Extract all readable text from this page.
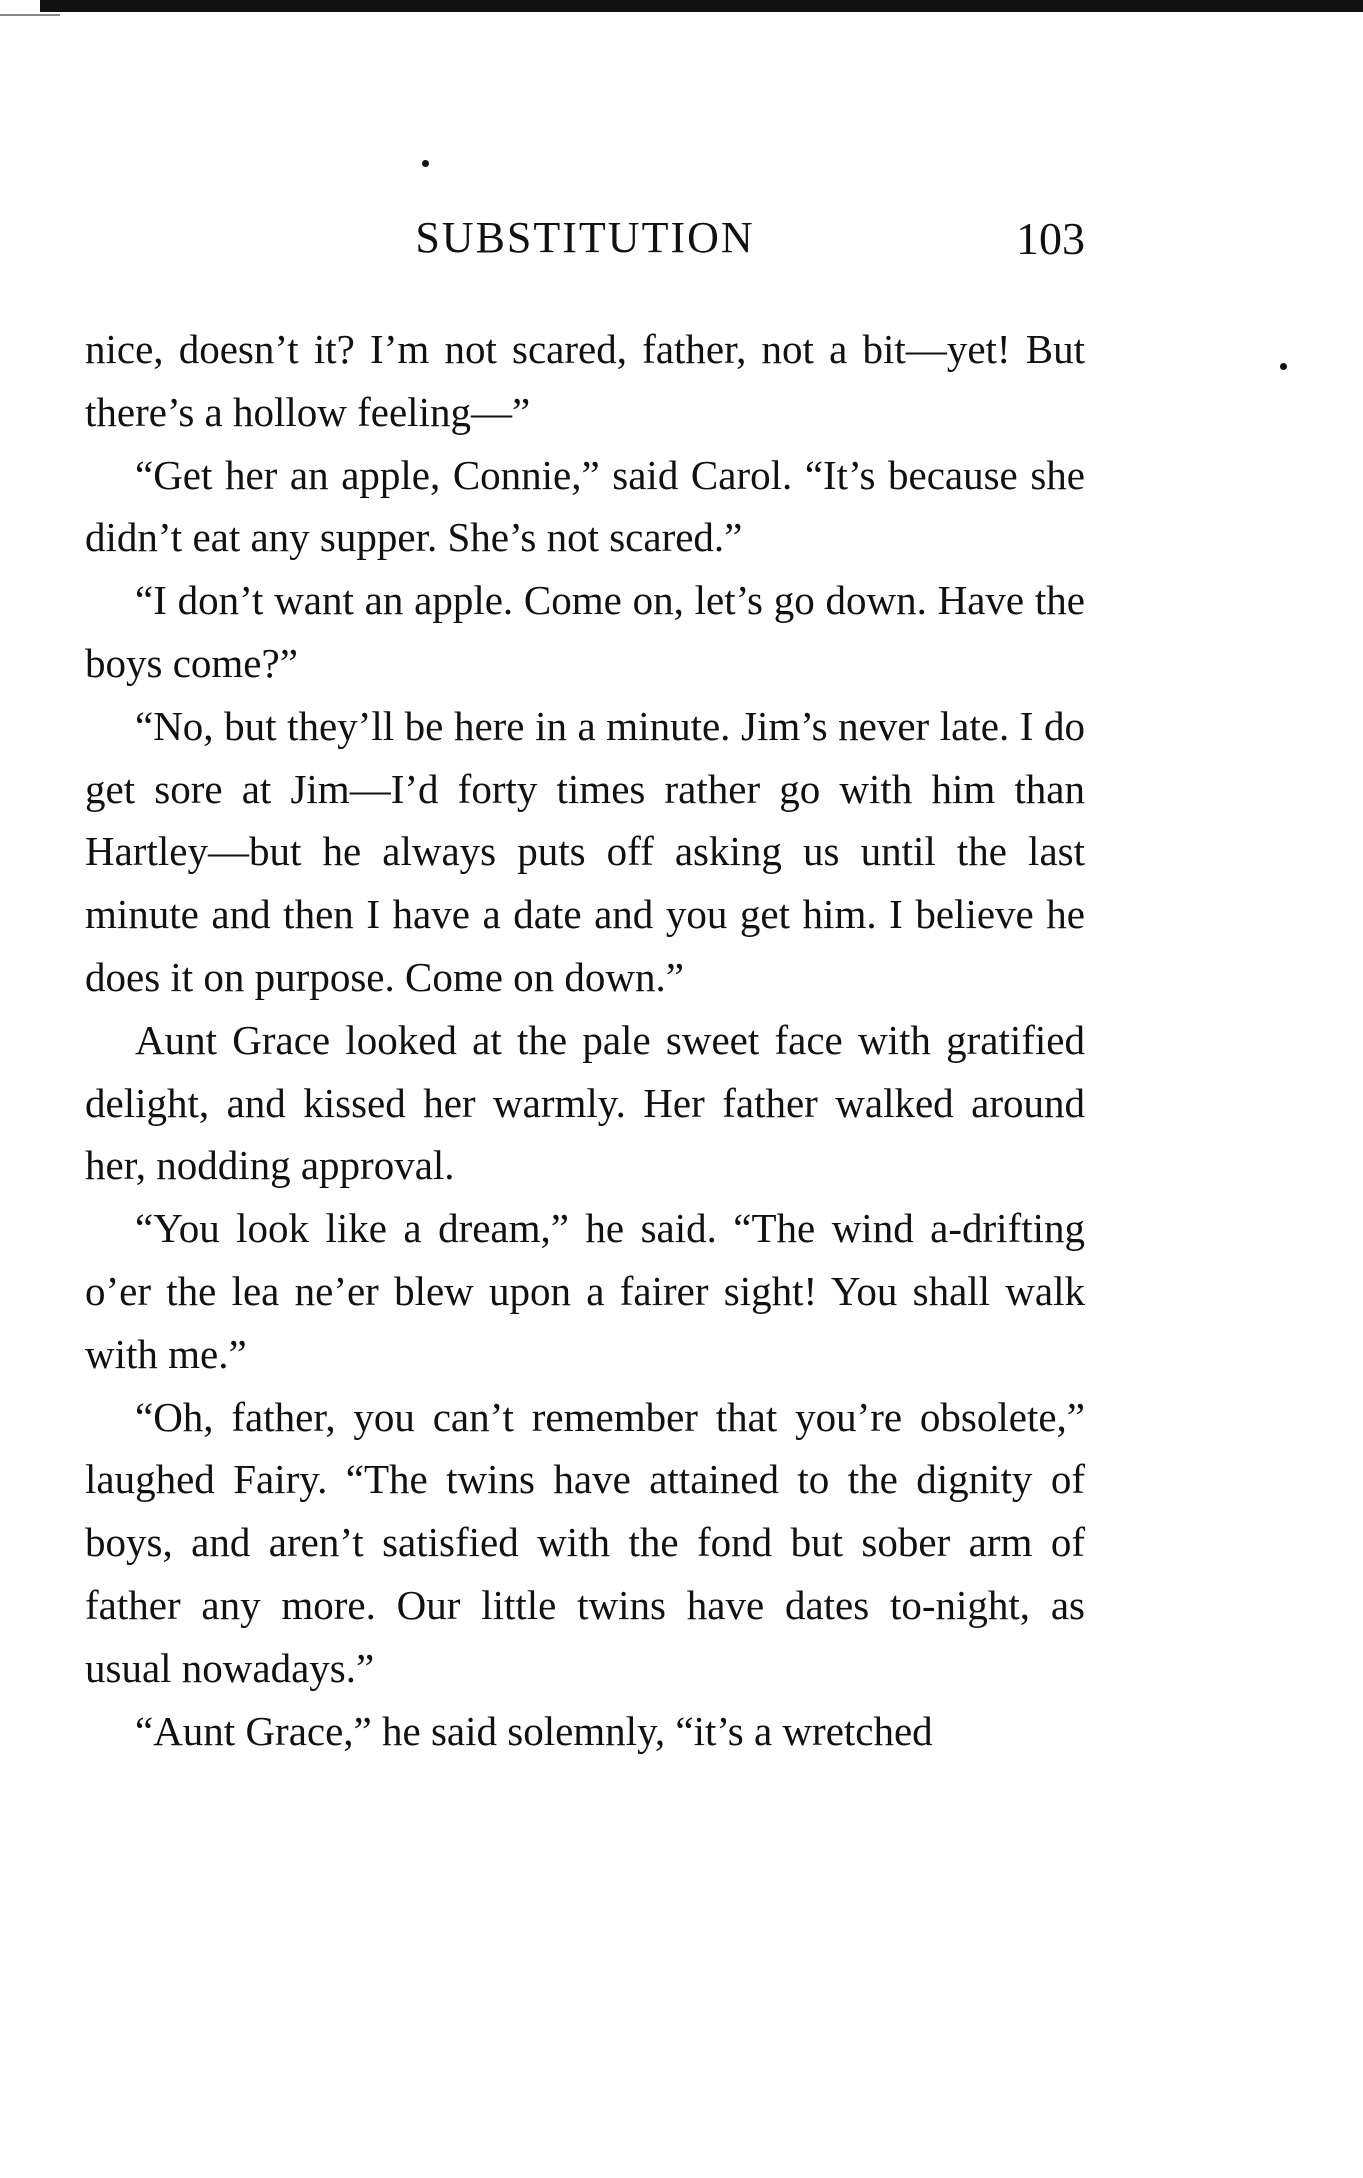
SUBSTITUTION	103

nice, doesn’t it? I’m not scared, father, not a bit—yet! But there’s a hollow feeling—”

“Get her an apple, Connie,” said Carol. “It’s because she didn’t eat any supper. She’s not scared.”

“I don’t want an apple. Come on, let’s go down. Have the boys come?”

“No, but they’ll be here in a minute. Jim’s never late. I do get sore at Jim—I’d forty times rather go with him than Hartley—but he always puts off asking us until the last minute and then I have a date and you get him. I believe he does it on purpose. Come on down.”

Aunt Grace looked at the pale sweet face with gratified delight, and kissed her warmly. Her father walked around her, nodding approval.

“You look like a dream,” he said. “The wind a-drifting o’er the lea ne’er blew upon a fairer sight! You shall walk with me.”

“Oh, father, you can’t remember that you’re obsolete,” laughed Fairy. “The twins have attained to the dignity of boys, and aren’t satisfied with the fond but sober arm of father any more. Our little twins have dates to-night, as usual nowadays.”

“Aunt Grace,” he said solemnly, “it’s a wretched
